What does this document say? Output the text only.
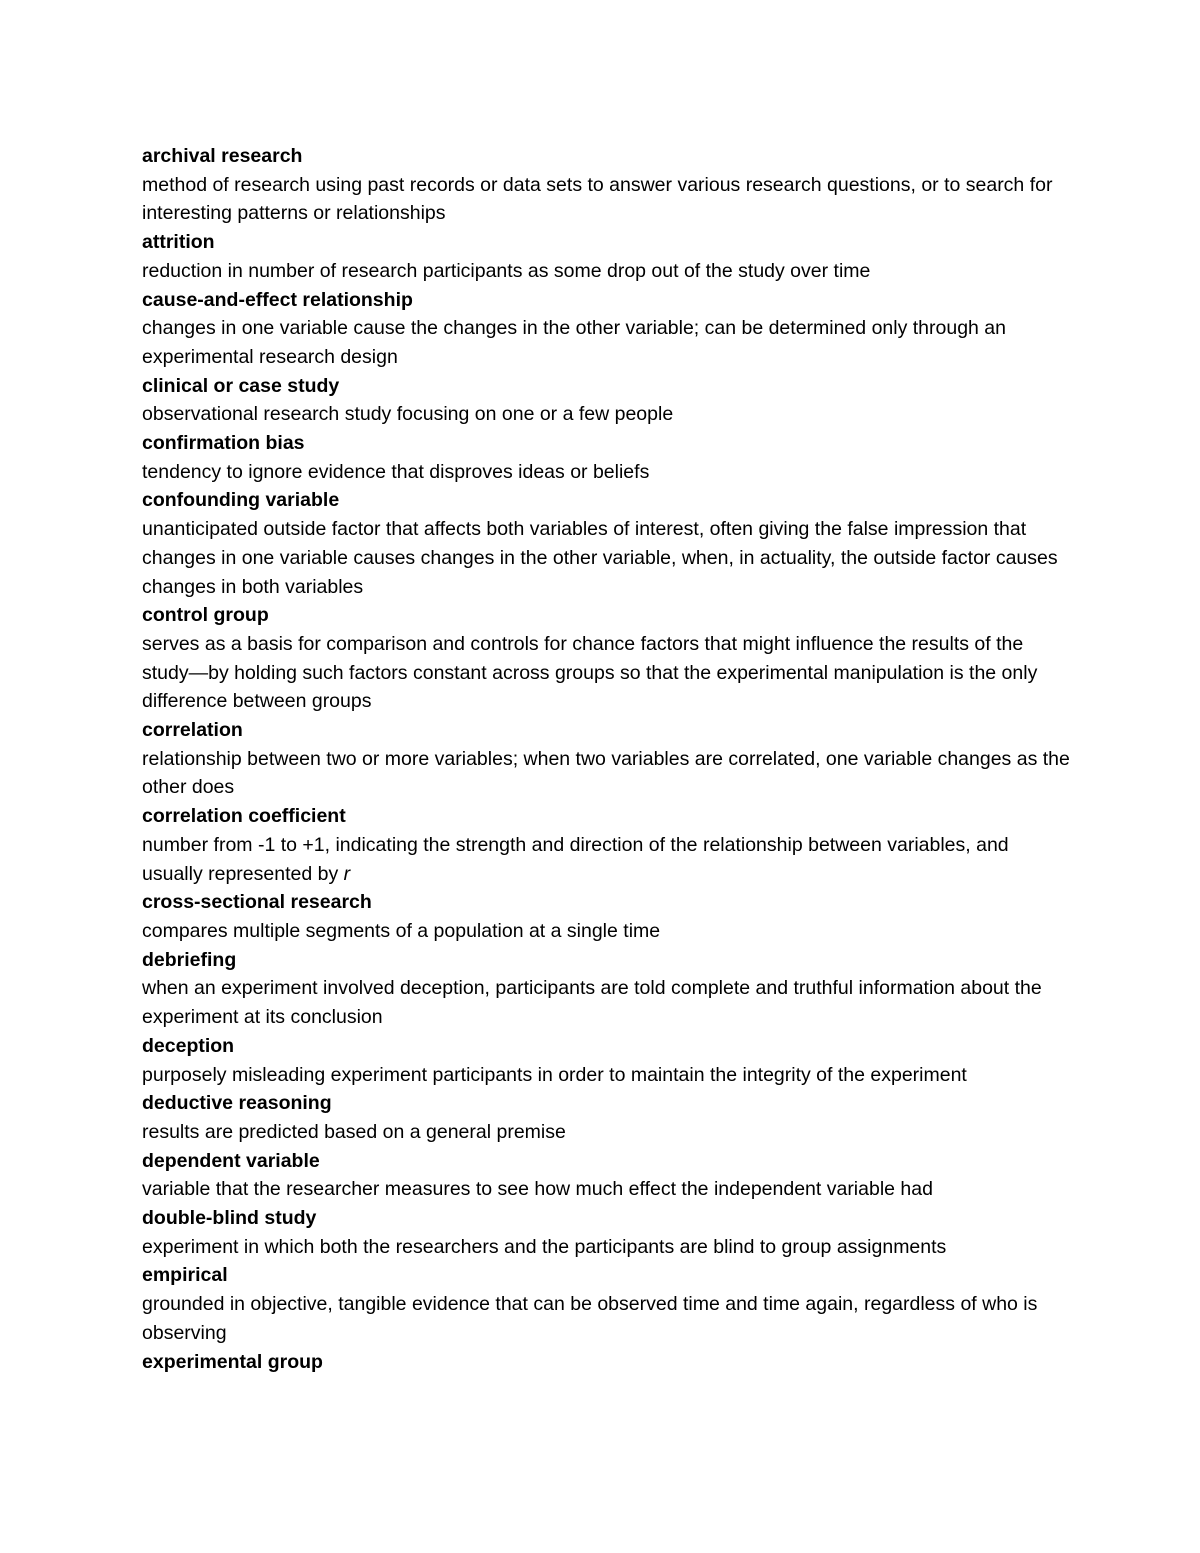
archival research
method of research using past records or data sets to answer various research questions, or to search for interesting patterns or relationships
attrition
reduction in number of research participants as some drop out of the study over time
cause-and-effect relationship
changes in one variable cause the changes in the other variable; can be determined only through an experimental research design
clinical or case study
observational research study focusing on one or a few people
confirmation bias
tendency to ignore evidence that disproves ideas or beliefs
confounding variable
unanticipated outside factor that affects both variables of interest, often giving the false impression that changes in one variable causes changes in the other variable, when, in actuality, the outside factor causes changes in both variables
control group
serves as a basis for comparison and controls for chance factors that might influence the results of the study—by holding such factors constant across groups so that the experimental manipulation is the only difference between groups
correlation
relationship between two or more variables; when two variables are correlated, one variable changes as the other does
correlation coefficient
number from -1 to +1, indicating the strength and direction of the relationship between variables, and usually represented by r
cross-sectional research
compares multiple segments of a population at a single time
debriefing
when an experiment involved deception, participants are told complete and truthful information about the experiment at its conclusion
deception
purposely misleading experiment participants in order to maintain the integrity of the experiment
deductive reasoning
results are predicted based on a general premise
dependent variable
variable that the researcher measures to see how much effect the independent variable had
double-blind study
experiment in which both the researchers and the participants are blind to group assignments
empirical
grounded in objective, tangible evidence that can be observed time and time again, regardless of who is observing
experimental group
